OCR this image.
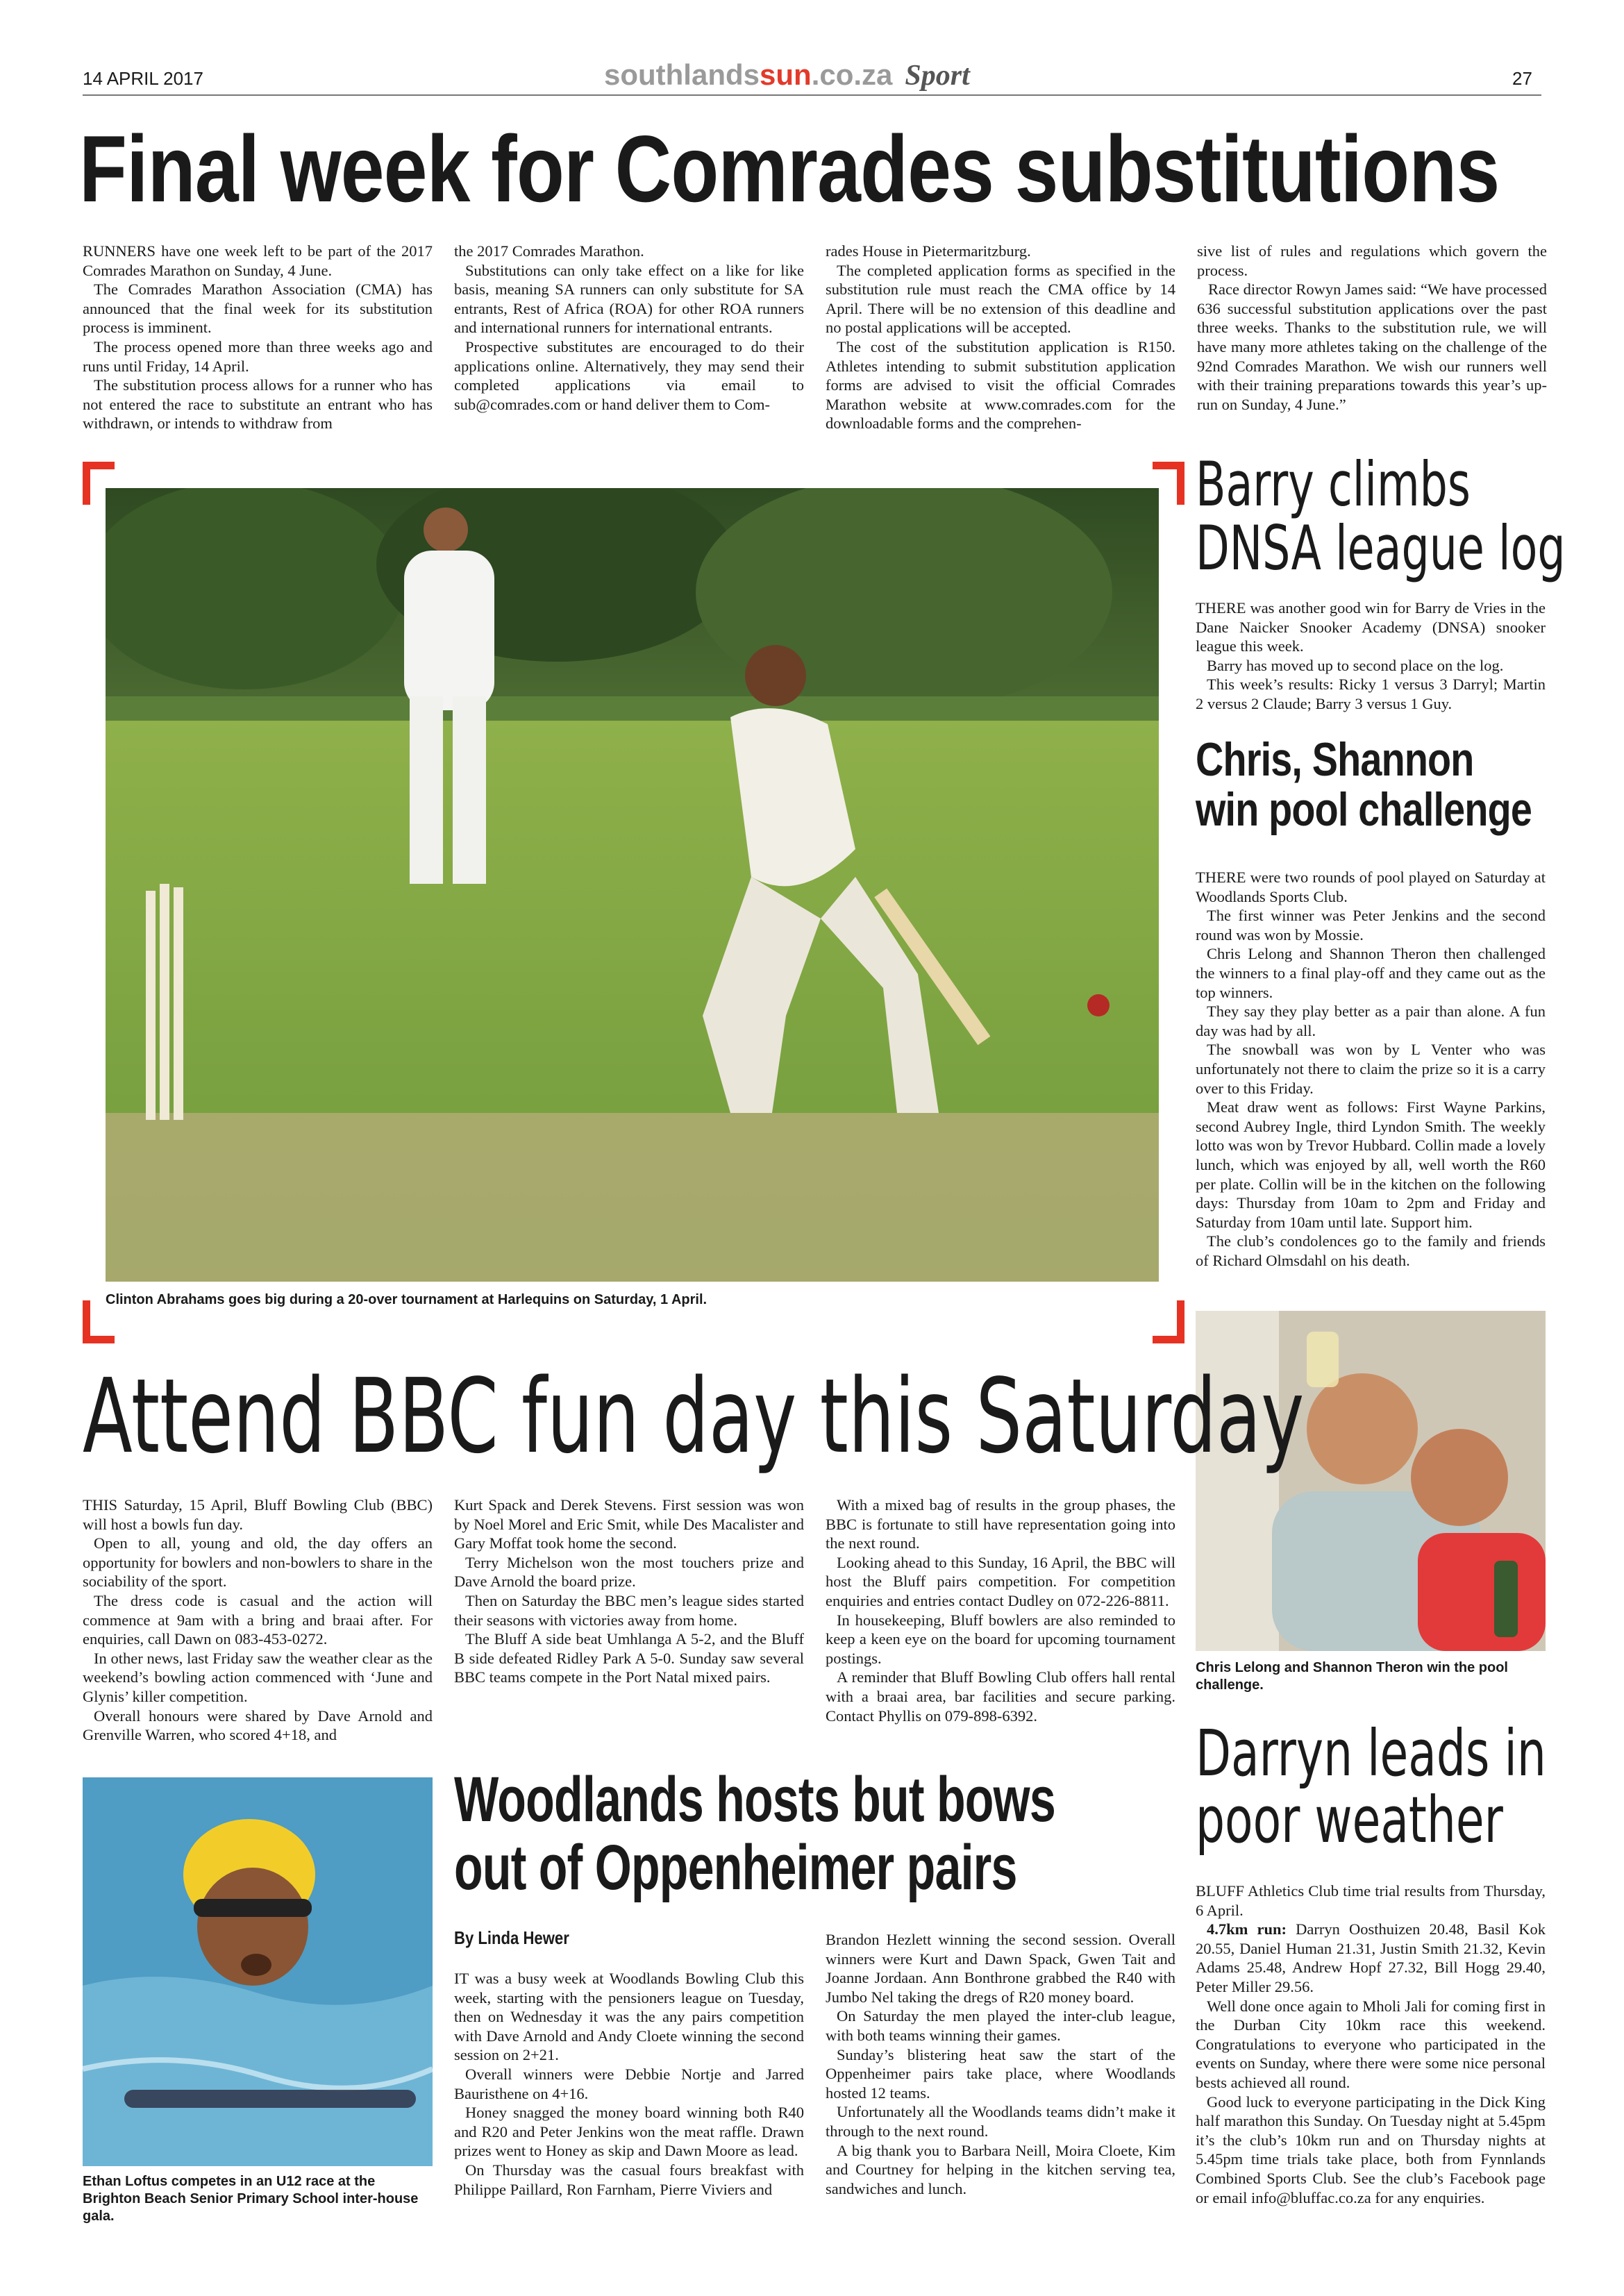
14 APRIL 2017	southlandssun.co.za Sport	27
Final week for Comrades substitutions

RUNNERS have one week left to be part of the 2017 Comrades Marathon on Sunday, 4 June.

The Comrades Marathon Association (CMA) has announced that the final week for its substitution process is imminent.

The process opened more than three weeks ago and runs until Friday, 14 April.

The substitution process allows for a runner who has not entered the race to substitute an entrant who has withdrawn, or intends to withdraw from

the 2017 Comrades Marathon.

Substitutions can only take effect on a like for like basis, meaning SA runners can only substitute for SA entrants, Rest of Africa (ROA) for other ROA runners and international runners for international entrants.

Prospective substitutes are encouraged to do their applications online. Alternatively, they may send their completed applications via email to sub@comrades.com or hand deliver them to Com-

rades House in Pietermaritzburg.

The completed application forms as specified in the substitution rule must reach the CMA office by 14 April. There will be no extension of this deadline and no postal applications will be accepted.

The cost of the substitution application is R150. Athletes intending to submit substitution application forms are advised to visit the official Comrades Marathon website at www.comrades.com for the downloadable forms and the comprehen-

sive list of rules and regulations which govern the process.

Race director Rowyn James said: “We have processed 636 successful substitution applications over the past three weeks. Thanks to the substitution rule, we will have many more athletes taking on the challenge of the 92nd Comrades Marathon. We wish our runners well with their training preparations towards this year’s up-run on Sunday, 4 June.”

Clinton Abrahams goes big during a 20-over tournament at Harlequins on Saturday, 1 April.
Barry climbs
DNSA league log

THERE was another good win for Barry de Vries in the Dane Naicker Snooker Academy (DNSA) snooker league this week.

Barry has moved up to second place on the log.

This week’s results: Ricky 1 versus 3 Darryl; Martin 2 versus 2 Claude; Barry 3 versus 1 Guy.

Chris, Shannon
win pool challenge

THERE were two rounds of pool played on Saturday at Woodlands Sports Club.

The first winner was Peter Jenkins and the second round was won by Mossie.

Chris Lelong and Shannon Theron then challenged the winners to a final play-off and they came out as the top winners.

They say they play better as a pair than alone. A fun day was had by all.

The snowball was won by L Venter who was unfortunately not there to claim the prize so it is a carry over to this Friday.

Meat draw went as follows: First Wayne Parkins, second Aubrey Ingle, third Lyndon Smith. The weekly lotto was won by Trevor Hubbard. Collin made a lovely lunch, which was enjoyed by all, well worth the R60 per plate. Collin will be in the kitchen on the following days: Thursday from 10am to 2pm and Friday and Saturday from 10am until late. Support him.

The club’s condolences go to the family and friends of Richard Olmsdahl on his death.

Chris Lelong and Shannon Theron win the pool challenge.
Attend BBC fun day this Saturday

THIS Saturday, 15 April, Bluff Bowling Club (BBC) will host a bowls fun day.

Open to all, young and old, the day offers an opportunity for bowlers and non-bowlers to share in the sociability of the sport.

The dress code is casual and the action will commence at 9am with a bring and braai after. For enquiries, call Dawn on 083-453-0272.

In other news, last Friday saw the weather clear as the weekend’s bowling action commenced with ‘June and Glynis’ killer competition.

Overall honours were shared by Dave Arnold and Grenville Warren, who scored 4+18, and

Kurt Spack and Derek Stevens. First session was won by Noel Morel and Eric Smit, while Des Macalister and Gary Moffat took home the second.

Terry Michelson won the most touchers prize and Dave Arnold the board prize.

Then on Saturday the BBC men’s league sides started their seasons with victories away from home.

The Bluff A side beat Umhlanga A 5-2, and the Bluff B side defeated Ridley Park A 5-0. Sunday saw several BBC teams compete in the Port Natal mixed pairs.

With a mixed bag of results in the group phases, the BBC is fortunate to still have representation going into the next round.

Looking ahead to this Sunday, 16 April, the BBC will host the Bluff pairs competition. For competition enquiries and entries contact Dudley on 072-226-8811.

In housekeeping, Bluff bowlers are also reminded to keep a keen eye on the board for upcoming tournament postings.

A reminder that Bluff Bowling Club offers hall rental with a braai area, bar facilities and secure parking. Contact Phyllis on 079-898-6392.

Ethan Loftus competes in an U12 race at the Brighton Beach Senior Primary School inter-house gala.
Woodlands hosts but bows
out of Oppenheimer pairs
By Linda Hewer

IT was a busy week at Woodlands Bowling Club this week, starting with the pensioners league on Tuesday, then on Wednesday it was the any pairs competition with Dave Arnold and Andy Cloete winning the second session on 2+21.

Overall winners were Debbie Nortje and Jarred Bauristhene on 4+16.

Honey snagged the money board winning both R40 and R20 and Peter Jenkins won the meat raffle. Drawn prizes went to Honey as skip and Dawn Moore as lead.

On Thursday was the casual fours breakfast with Philippe Paillard, Ron Farnham, Pierre Viviers and

Brandon Hezlett winning the second session. Overall winners were Kurt and Dawn Spack, Gwen Tait and Joanne Jordaan. Ann Bonthrone grabbed the R40 with Jumbo Nel taking the dregs of R20 money board.

On Saturday the men played the inter-club league, with both teams winning their games.

Sunday’s blistering heat saw the start of the Oppenheimer pairs take place, where Woodlands hosted 12 teams.

Unfortunately all the Woodlands teams didn’t make it through to the next round.

A big thank you to Barbara Neill, Moira Cloete, Kim and Courtney for helping in the kitchen serving tea, sandwiches and lunch.

Darryn leads in
poor weather

BLUFF Athletics Club time trial results from Thursday, 6 April.

4.7km run: Darryn Oosthuizen 20.48, Basil Kok 20.55, Daniel Human 21.31, Justin Smith 21.32, Kevin Adams 25.48, Andrew Hopf 27.32, Bill Hogg 29.40, Peter Miller 29.56.

Well done once again to Mholi Jali for coming first in the Durban City 10km race this weekend. Congratulations to everyone who participated in the events on Sunday, where there were some nice personal bests achieved all round.

Good luck to everyone participating in the Dick King half marathon this Sunday. On Tuesday night at 5.45pm it’s the club’s 10km run and on Thursday nights at 5.45pm time trials take place, both from Fynnlands Combined Sports Club. See the club’s Facebook page or email info@bluffac.co.za for any enquiries.
